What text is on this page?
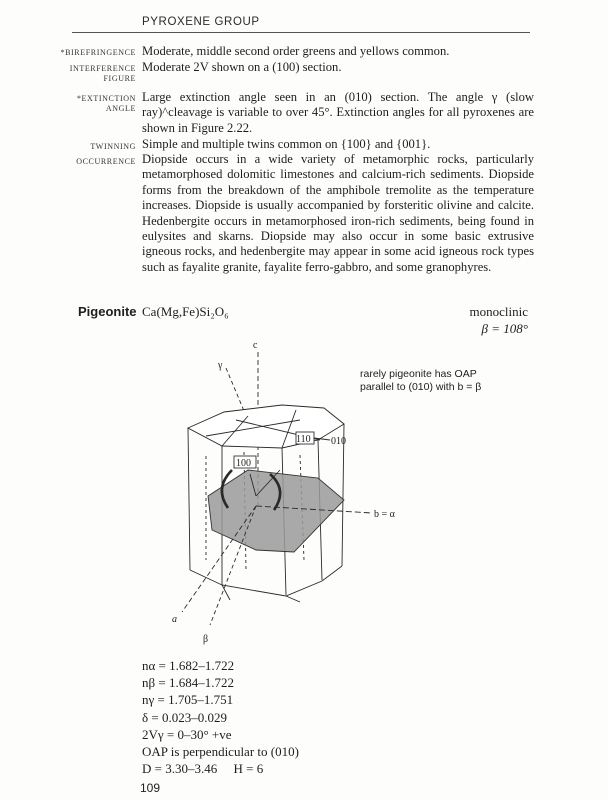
PYROXENE GROUP
*BIREFRINGENCE Moderate, middle second order greens and yellows common.
INTERFERENCE
FIGURE
Moderate 2V shown on a (100) section.
*EXTINCTION
ANGLE
Large extinction angle seen in an (010) section. The angle γ (slow ray)^cleavage is variable to over 45°. Extinction angles for all pyroxenes are shown in Figure 2.22.
TWINNING Simple and multiple twins common on {100} and {001}.
OCCURRENCE Diopside occurs in a wide variety of metamorphic rocks, particularly metamorphosed dolomitic limestones and calcium-rich sediments. Diopside forms from the breakdown of the amphibole tremolite as the temperature increases. Diopside is usually accompanied by forsteritic olivine and calcite. Hedenbergite occurs in metamorphosed iron-rich sediments, being found in eulysites and skarns. Diopside may also occur in some basic extrusive igneous rocks, and hedenbergite may appear in some acid igneous rock types such as fayalite granite, fayalite ferro-gabbro, and some granophyres.
Pigeonite Ca(Mg,Fe)Si₂O₆	monoclinic
β = 108°
rarely pigeonite has OAP parallel to (010) with b = β
c
γ
110 010
100
b = α
a
β
nα = 1.682–1.722
nβ = 1.684–1.722
nγ = 1.705–1.751
δ = 0.023–0.029
2Vγ = 0–30° +ve
OAP is perpendicular to (010)
D = 3.30–3.46     H = 6
109
